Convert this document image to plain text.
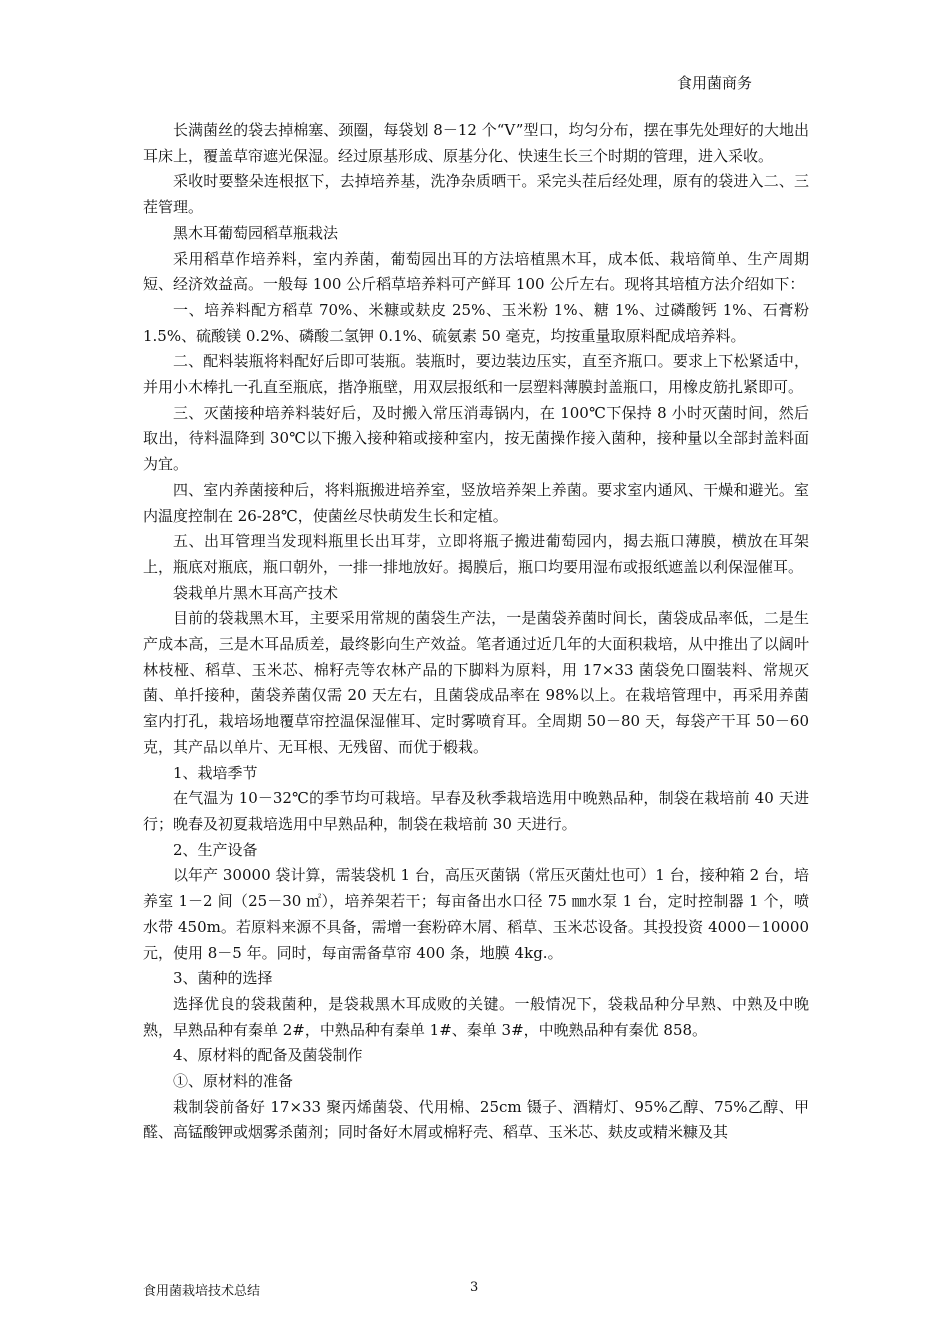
食用菌商务

长满菌丝的袋去掉棉塞、颈圈，每袋划 8－12 个“V”型口，均匀分布，摆在事先处理好的大地出耳床上，覆盖草帘遮光保湿。经过原基形成、原基分化、快速生长三个时期的管理，进入采收。

采收时要整朵连根抠下，去掉培养基，洗净杂质晒干。采完头茬后经处理，原有的袋进入二、三茬管理。

黑木耳葡萄园稻草瓶栽法

采用稻草作培养料，室内养菌，葡萄园出耳的方法培植黑木耳，成本低、栽培简单、生产周期短、经济效益高。一般每 100 公斤稻草培养料可产鲜耳 100 公斤左右。现将其培植方法介绍如下：

一、培养料配方稻草 70%、米糠或麸皮 25%、玉米粉 1%、糖 1%、过磷酸钙 1%、石膏粉 1.5%、硫酸镁 0.2%、磷酸二氢钾 0.1%、硫氨素 50 毫克，均按重量取原料配成培养料。

二、配料装瓶将料配好后即可装瓶。装瓶时，要边装边压实，直至齐瓶口。要求上下松紧适中，并用小木棒扎一孔直至瓶底，揩净瓶壁，用双层报纸和一层塑料薄膜封盖瓶口，用橡皮筋扎紧即可。

三、灭菌接种培养料装好后，及时搬入常压消毒锅内，在 100℃下保持 8 小时灭菌时间，然后取出，待料温降到 30℃以下搬入接种箱或接种室内，按无菌操作接入菌种，接种量以全部封盖料面为宜。

四、室内养菌接种后，将料瓶搬进培养室，竖放培养架上养菌。要求室内通风、干燥和避光。室内温度控制在 26-28℃，使菌丝尽快萌发生长和定植。

五、出耳管理当发现料瓶里长出耳芽，立即将瓶子搬进葡萄园内，揭去瓶口薄膜，横放在耳架上，瓶底对瓶底，瓶口朝外，一排一排地放好。揭膜后，瓶口均要用湿布或报纸遮盖以利保湿催耳。

袋栽单片黑木耳高产技术

目前的袋栽黑木耳，主要采用常规的菌袋生产法，一是菌袋养菌时间长，菌袋成品率低，二是生产成本高，三是木耳品质差，最终影向生产效益。笔者通过近几年的大面积栽培，从中推出了以阔叶林枝桠、稻草、玉米芯、棉籽壳等农林产品的下脚料为原料，用 17×33 菌袋免口圈装料、常规灭菌、单扦接种，菌袋养菌仅需 20 天左右，且菌袋成品率在 98%以上。在栽培管理中，再采用养菌室内打孔，栽培场地覆草帘控温保湿催耳、定时雾喷育耳。全周期 50－80 天，每袋产干耳 50－60 克，其产品以单片、无耳根、无残留、而优于椴栽。

1、栽培季节

在气温为 10－32℃的季节均可栽培。早春及秋季栽培选用中晚熟品种，制袋在栽培前 40 天进行；晚春及初夏栽培选用中早熟品种，制袋在栽培前 30 天进行。

2、生产设备

以年产 30000 袋计算，需装袋机 1 台，高压灭菌锅（常压灭菌灶也可）1 台，接种箱 2 台，培养室 1－2 间（25－30 ㎡），培养架若干；每亩备出水口径 75 ㎜水泵 1 台，定时控制器 1 个，喷水带 450m。若原料来源不具备，需增一套粉碎木屑、稻草、玉米芯设备。其投投资 4000－10000 元，使用 8－5 年。同时，每亩需备草帘 400 条，地膜 4kg.。

3、菌种的选择

选择优良的袋栽菌种，是袋栽黑木耳成败的关键。一般情况下，袋栽品种分早熟、中熟及中晚熟，早熟品种有秦单 2#，中熟品种有秦单 1#、秦单 3#，中晚熟品种有秦优 858。

4、原材料的配备及菌袋制作

①、原材料的准备

栽制袋前备好 17×33 聚丙烯菌袋、代用棉、25cm 镊子、酒精灯、95%乙醇、75%乙醇、甲醛、高锰酸钾或烟雾杀菌剂；同时备好木屑或棉籽壳、稻草、玉米芯、麸皮或精米糠及其

食用菌栽培技术总结	3
